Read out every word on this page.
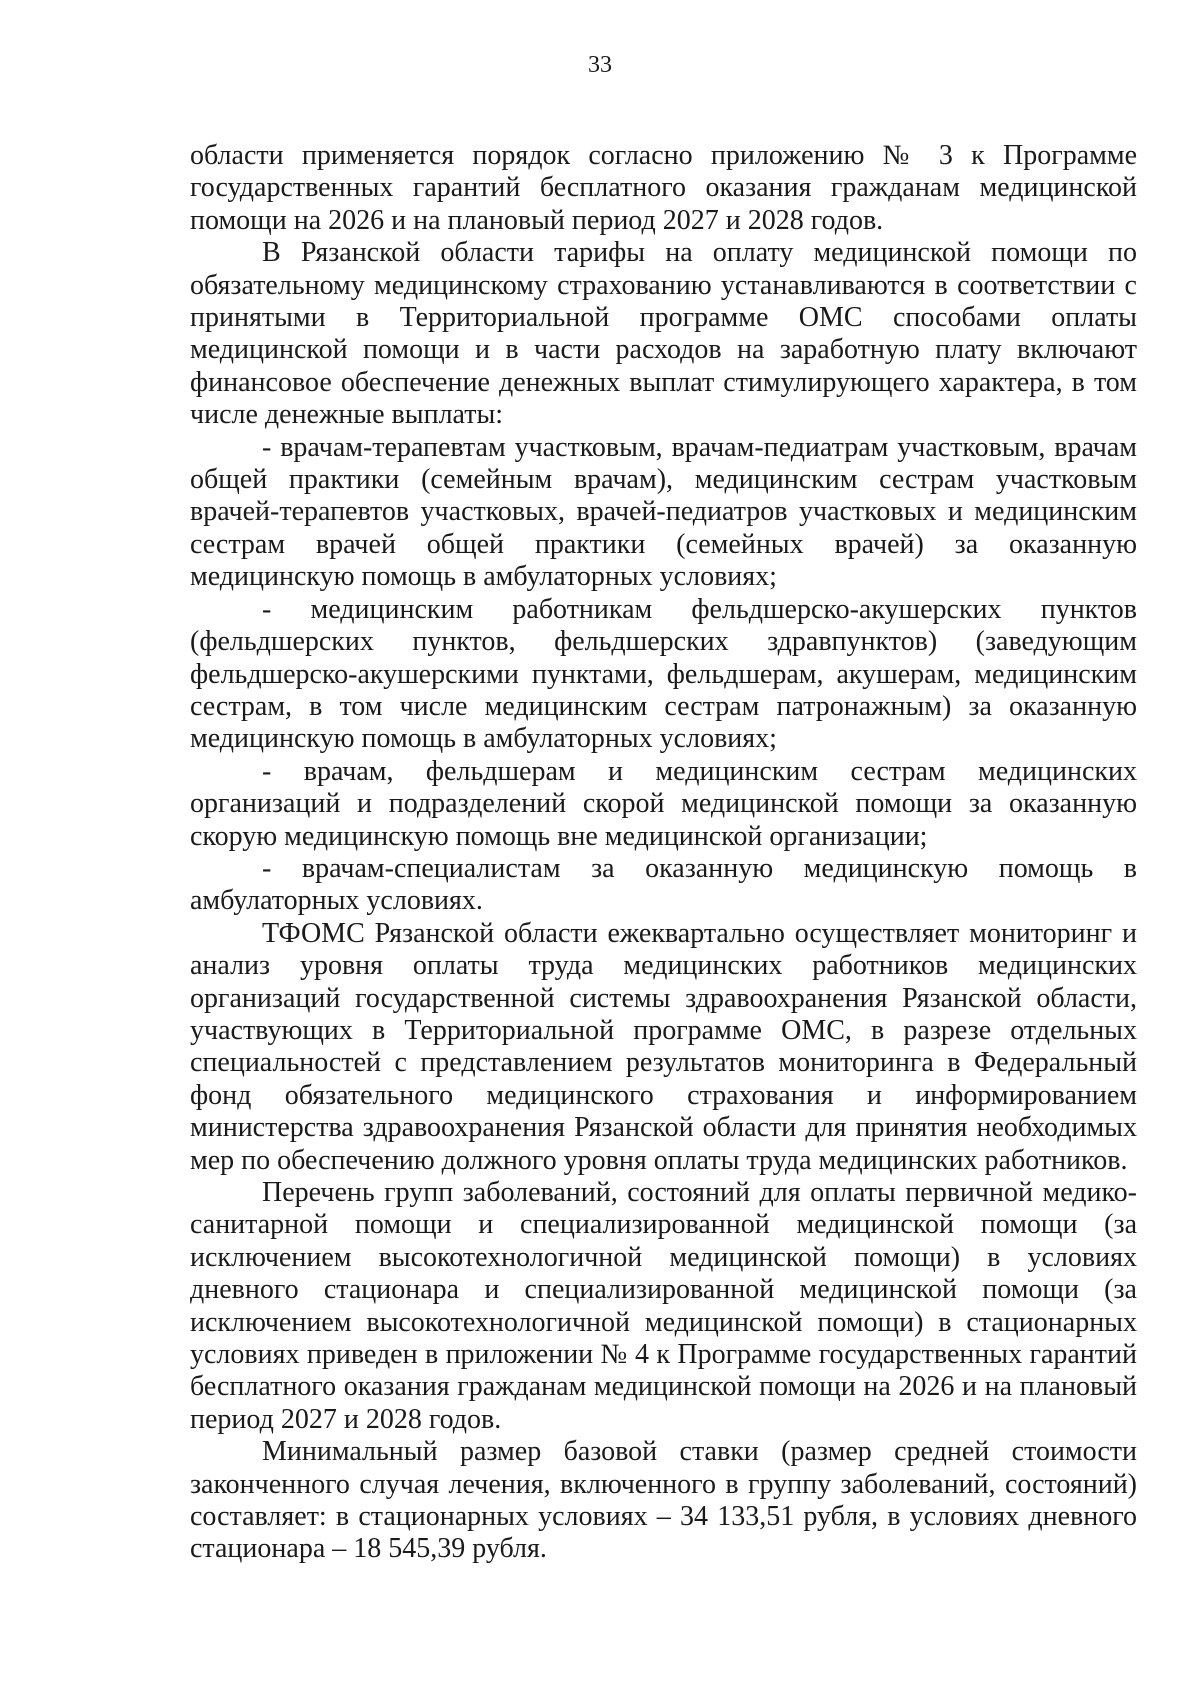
33

области применяется порядок согласно приложению № 3 к Программе государственных гарантий бесплатного оказания гражданам медицинской помощи на 2026 и на плановый период 2027 и 2028 годов.

В Рязанской области тарифы на оплату медицинской помощи по обязательному медицинскому страхованию устанавливаются в соответствии с принятыми в Территориальной программе ОМС способами оплаты медицинской помощи и в части расходов на заработную плату включают финансовое обеспечение денежных выплат стимулирующего характера, в том числе денежные выплаты:

- врачам-терапевтам участковым, врачам-педиатрам участковым, врачам общей практики (семейным врачам), медицинским сестрам участковым врачей-терапевтов участковых, врачей-педиатров участковых и медицинским сестрам врачей общей практики (семейных врачей) за оказанную медицинскую помощь в амбулаторных условиях;

- медицинским работникам фельдшерско-акушерских пунктов (фельдшерских пунктов, фельдшерских здравпунктов) (заведующим фельдшерско-акушерскими пунктами, фельдшерам, акушерам, медицинским сестрам, в том числе медицинским сестрам патронажным) за оказанную медицинскую помощь в амбулаторных условиях;

- врачам, фельдшерам и медицинским сестрам медицинских организаций и подразделений скорой медицинской помощи за оказанную скорую медицинскую помощь вне медицинской организации;

- врачам-специалистам за оказанную медицинскую помощь в амбулаторных условиях.

ТФОМС Рязанской области ежеквартально осуществляет мониторинг и анализ уровня оплаты труда медицинских работников медицинских организаций государственной системы здравоохранения Рязанской области, участвующих в Территориальной программе ОМС, в разрезе отдельных специальностей с представлением результатов мониторинга в Федеральный фонд обязательного медицинского страхования и информированием министерства здравоохранения Рязанской области для принятия необходимых мер по обеспечению должного уровня оплаты труда медицинских работников.

Перечень групп заболеваний, состояний для оплаты первичной медико-санитарной помощи и специализированной медицинской помощи (за исключением высокотехнологичной медицинской помощи) в условиях дневного стационара и специализированной медицинской помощи (за исключением высокотехнологичной медицинской помощи) в стационарных условиях приведен в приложении № 4 к Программе государственных гарантий бесплатного оказания гражданам медицинской помощи на 2026 и на плановый период 2027 и 2028 годов.

Минимальный размер базовой ставки (размер средней стоимости законченного случая лечения, включенного в группу заболеваний, состояний) составляет: в стационарных условиях – 34 133,51 рубля, в условиях дневного стационара – 18 545,39 рубля.
